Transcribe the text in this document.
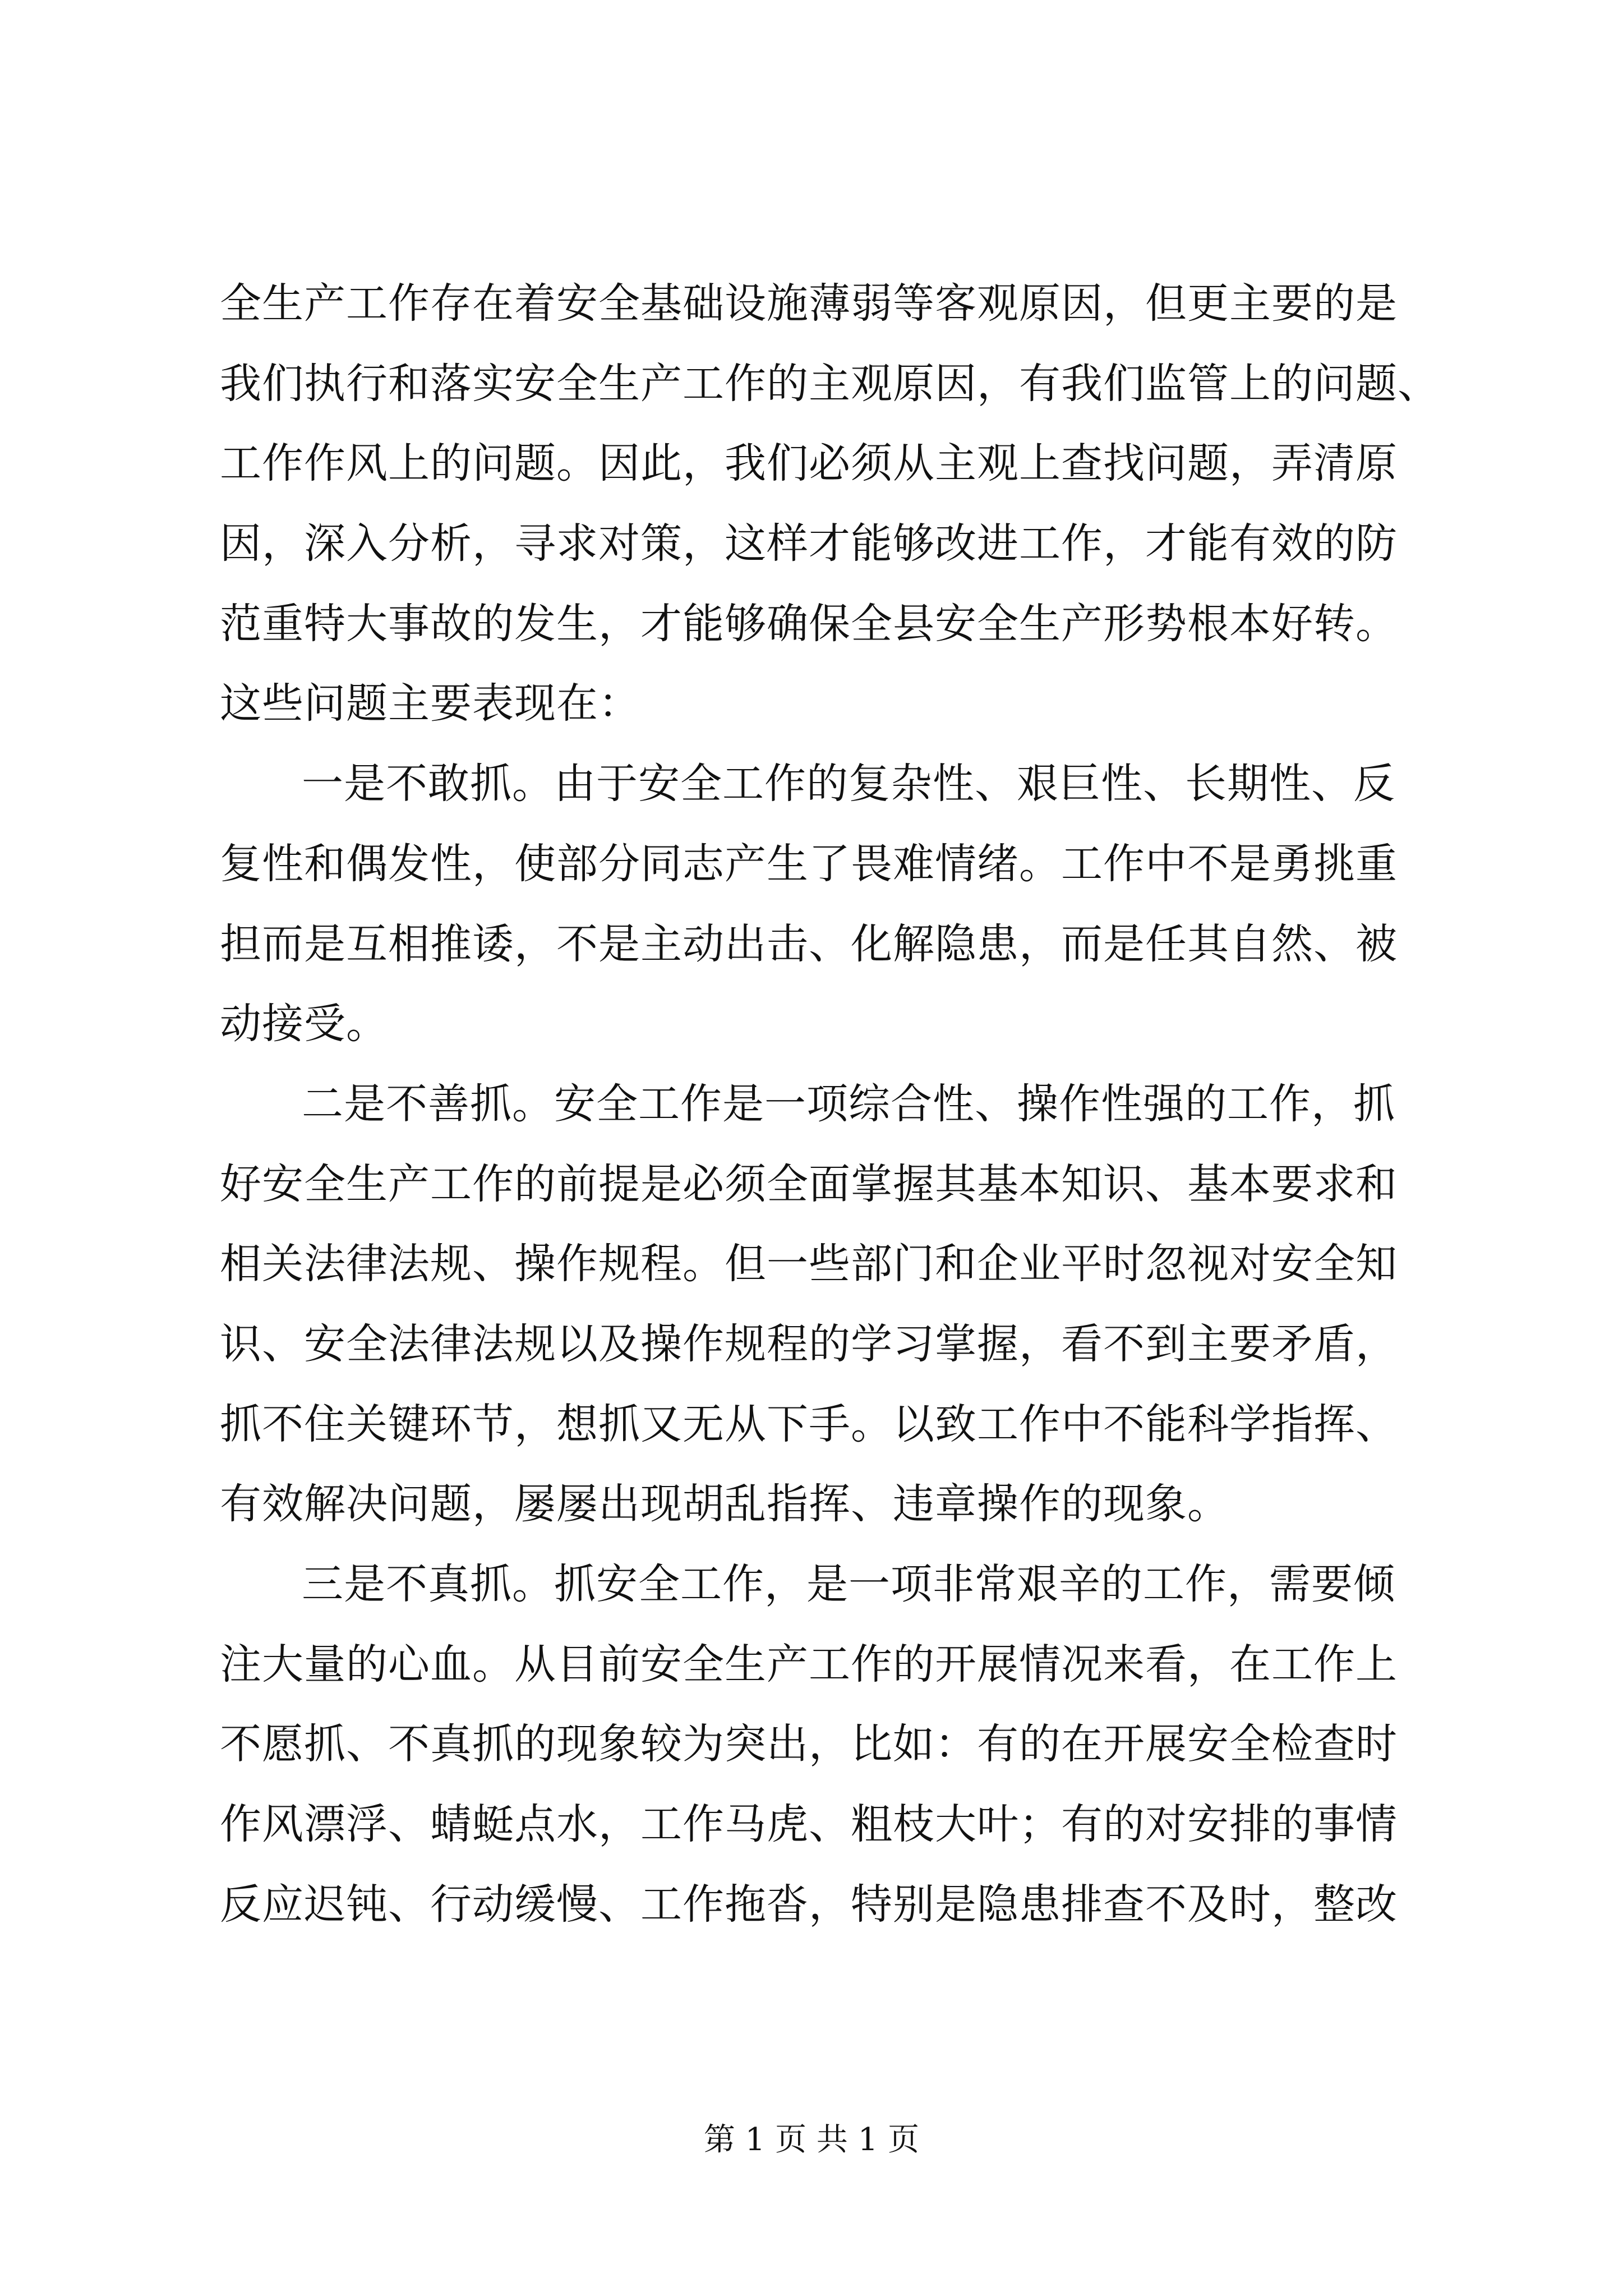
全生产工作存在着安全基础设施薄弱等客观原因，但更主要的是
我们执行和落实安全生产工作的主观原因，有我们监管上的问题、
工作作风上的问题。因此，我们必须从主观上查找问题，弄清原
因，深入分析，寻求对策，这样才能够改进工作，才能有效的防
范重特大事故的发生，才能够确保全县安全生产形势根本好转。
这些问题主要表现在：
一是不敢抓。由于安全工作的复杂性、艰巨性、长期性、反
复性和偶发性，使部分同志产生了畏难情绪。工作中不是勇挑重
担而是互相推诿，不是主动出击、化解隐患，而是任其自然、被
动接受。
二是不善抓。安全工作是一项综合性、操作性强的工作，抓
好安全生产工作的前提是必须全面掌握其基本知识、基本要求和
相关法律法规、操作规程。但一些部门和企业平时忽视对安全知
识、安全法律法规以及操作规程的学习掌握，看不到主要矛盾，
抓不住关键环节，想抓又无从下手。以致工作中不能科学指挥、
有效解决问题，屡屡出现胡乱指挥、违章操作的现象。
三是不真抓。抓安全工作，是一项非常艰辛的工作，需要倾
注大量的心血。从目前安全生产工作的开展情况来看，在工作上
不愿抓、不真抓的现象较为突出，比如：有的在开展安全检查时
作风漂浮、蜻蜓点水，工作马虎、粗枝大叶；有的对安排的事情
反应迟钝、行动缓慢、工作拖沓，特别是隐患排查不及时，整改
第 1 页 共 1 页
